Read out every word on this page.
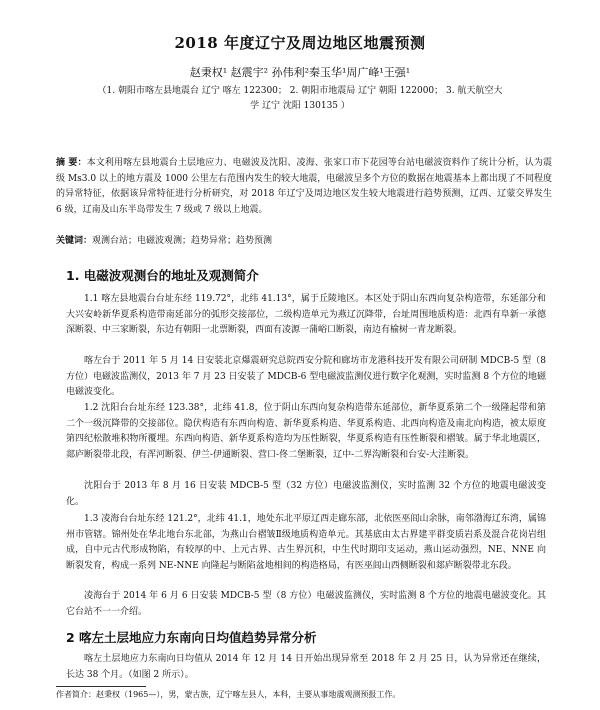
2018 年度辽宁及周边地区地震预测
赵秉权¹ 赵震宇² 孙伟利²秦玉华¹周广峰¹王强¹
（1. 朝阳市喀左县地震台 辽宁 喀左 122300； 2. 朝阳市地震局 辽宁 朝阳 122000； 3. 航天航空大
学 辽宁 沈阳 130135 ）
摘 要：本文利用喀左县地震台土层地应力、电磁波及沈阳、凌海、张家口市下花园等台站电磁波资料作了统计分析，认为震级 Ms3.0 以上的地方震及 1000 公里左右范围内发生的较大地震，电磁波呈多个方位的数据在地震基本上都出现了不同程度的异常特征，依据该异常特征进行分析研究，对 2018 年辽宁及周边地区发生较大地震进行趋势预测，辽西、辽蒙交界发生 6 级，辽南及山东半岛带发生 7 级或 7 级以上地震。
关键词：观测台站；电磁波观测；趋势异常；趋势预测
1. 电磁波观测台的地址及观测简介
1.1 喀左县地震台台址东经 119.72°，北纬 41.13°，属于丘陵地区。本区处于阴山东西向复杂构造带，东延部分和大兴安岭新华夏系构造带南延部分的弧形交接部位，二级构造单元为燕辽沉降带，台址周围地质构造：北西有阜新一承德深断裂、中三家断裂，东边有朝阳一北票断裂，西面有凌源一蒲峪口断裂，南边有榆树一青龙断裂。
喀左台于 2011 年 5 月 14 日安装北京爆震研究总院西安分院和廊坊市龙港科技开发有限公司研制 MDCB-5 型（8 方位）电磁波监测仪，2013 年 7 月 23 日安装了 MDCB-6 型电磁波监测仪进行数字化观测，实时监测 8 个方位的地磁电磁波变化。
1.2 沈阳台台址东经 123.38°，北纬 41.8，位于阴山东西向复杂构造带东延部位，新华夏系第二个一级隆起带和第二个一级沉降带的交接部位。隐伏构造有东西向构造、新华夏系构造、华夏系构造、北西向构造及南北向构造，被太原度第四纪松散堆积物所覆埋。东西向构造、新华夏系构造均为压性断裂，华夏系构造有压性断裂和褶皱。属于华北地震区，郯庐断裂带北段，有浑河断裂、伊兰-伊通断裂、营口-佟二堡断裂，辽中-二界沟断裂和台安-大洼断裂。
沈阳台于 2013 年 8 月 16 日安装 MDCB-5 型（32 方位）电磁波监测仪，实时监测 32 个方位的地震电磁波变化。
1.3 凌海台台址东经 121.2°，北纬 41.1，地处东北平原辽西走廊东部，北依医巫闾山余脉，南邻渤海辽东湾，属锦州市管辖。锦州处在华北地台东北部，为燕山台褶皱Ⅱ级地质构造单元。其基底由太古界建平群变质岩系及混合花岗岩组成，自中元古代形成物陷，有较厚的中、上元古界、古生界沉积，中生代时期印支运动，燕山运动强烈，NE、NNE 向断裂发育，构成一系列 NE-NNE 向隆起与断陷盆地相间的构造格局，有医巫闾山西侧断裂和郯庐断裂带北东段。
凌海台于 2014 年 6 月 6 日安装 MDCB-5 型（8 方位）电磁波监测仪，实时监测 8 个方位的地震电磁波变化。其它台站不一一介绍。
2 喀左土层地应力东南向日均值趋势异常分析
喀左土层地应力东南向日均值从 2014 年 12 月 14 日开始出现异常至 2018 年 2 月 25 日，认为异常还在继续，长达 38 个月。（如图 2 所示）。
作者简介：赵秉权（1965—），男，蒙古族，辽宁喀左县人，本科，主要从事地震观测预报工作。
